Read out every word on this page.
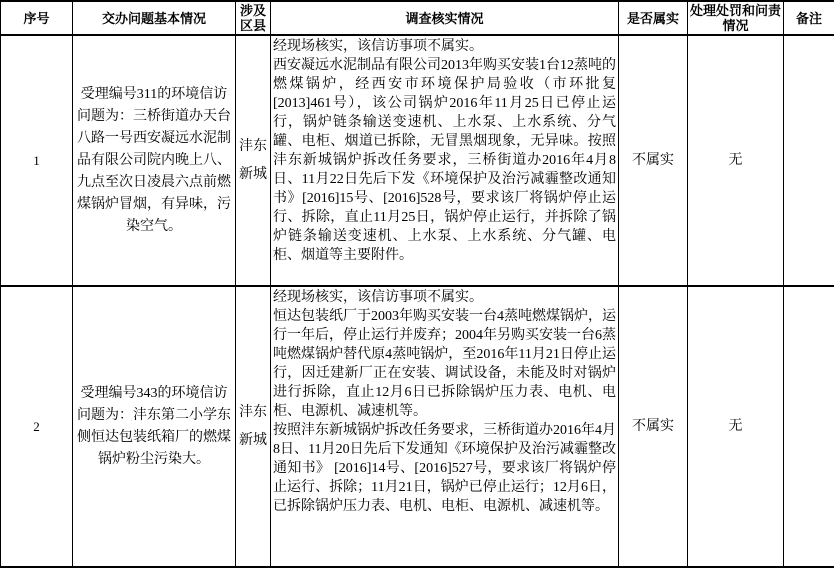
序号	交办问题基本情况	涉及区县	调查核实情况	是否属实	处理处罚和问责情况	备注
1	受理编号311的环境信访问题为：三桥街道办天台八路一号西安凝远水泥制品有限公司院内晚上八、九点至次日凌晨六点前燃煤锅炉冒烟，有异味，污染空气。	沣东新城	经现场核实，该信访事项不属实。

西安凝远水泥制品有限公司2013年购买安装1台12蒸吨的燃煤锅炉，经西安市环境保护局验收（市环批复[2013]461号），该公司锅炉2016年11月25日已停止运行，锅炉链条输送变速机、上水泵、上水系统、分气罐、电柜、烟道已拆除，无冒黑烟现象，无异味。按照沣东新城锅炉拆改任务要求，三桥街道办2016年4月8日、11月22日先后下发《环境保护及治污减霾整改通知书》[2016]15号、[2016]528号，要求该厂将锅炉停止运行、拆除，直止11月25日，锅炉停止运行，并拆除了锅炉链条输送变速机、上水泵、上水系统、分气罐、电柜、烟道等主要附件。	不属实	无	
2	受理编号343的环境信访问题为：沣东第二小学东侧恒达包装纸箱厂的燃煤锅炉粉尘污染大。	沣东新城	经现场核实，该信访事项不属实。

恒达包装纸厂于2003年购买安装一台4蒸吨燃煤锅炉，运行一年后，停止运行并废弃；2004年另购买安装一台6蒸吨燃煤锅炉替代原4蒸吨锅炉，至2016年11月21日停止运行，因迁建新厂正在安装、调试设备，未能及时对锅炉进行拆除，直止12月6日已拆除锅炉压力表、电机、电柜、电源机、减速机等。

按照沣东新城锅炉拆改任务要求，三桥街道办2016年4月8日、11月20日先后下发通知《环境保护及治污减霾整改通知书》 [2016]14号、[2016]527号，要求该厂将锅炉停止运行、拆除；11月21日，锅炉已停止运行；12月6日，已拆除锅炉压力表、电机、电柜、电源机、减速机等。	不属实	无	
